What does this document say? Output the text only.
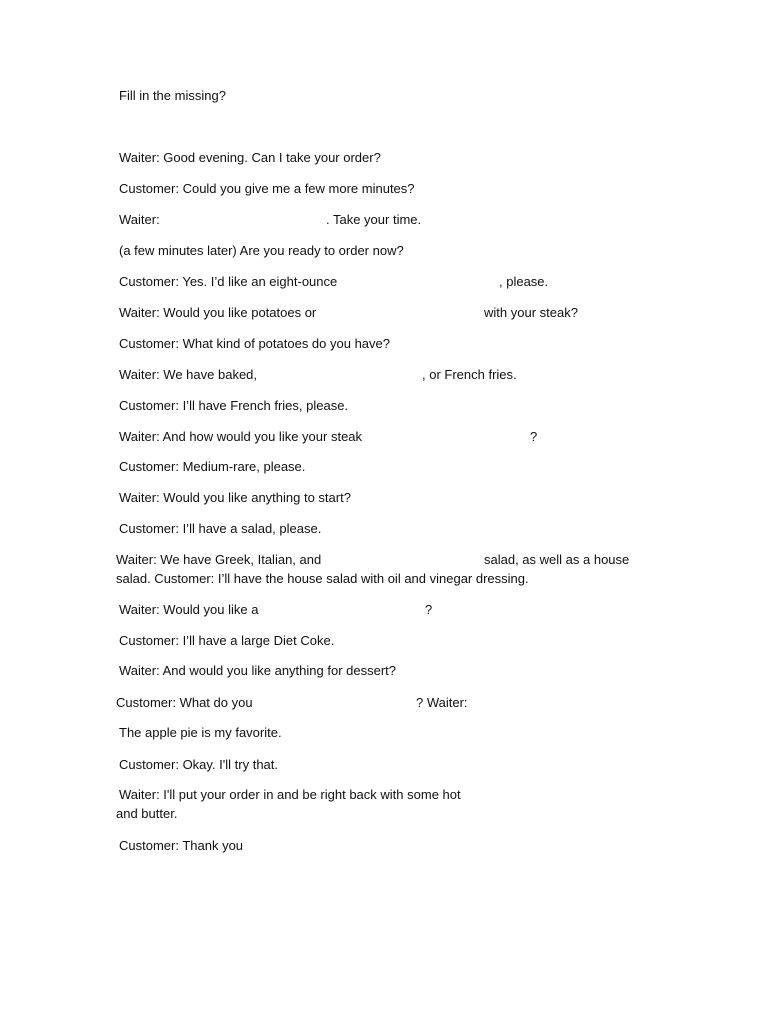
Fill in the missing?
Waiter: Good evening. Can I take your order?
Customer: Could you give me a few more minutes?
Waiter:	. Take your time.
(a few minutes later) Are you ready to order now?
Customer: Yes. I’d like an eight-ounce	, please.
Waiter: Would you like potatoes or	with your steak?
Customer: What kind of potatoes do you have?
Waiter: We have baked,	, or French fries.
Customer: I’ll have French fries, please.
Waiter: And how would you like your steak	?
Customer: Medium-rare, please.
Waiter: Would you like anything to start?
Customer: I’ll have a salad, please.
Waiter: We have Greek, Italian, and	salad, as well as a house
salad. Customer: I’ll have the house salad with oil and vinegar dressing.
Waiter: Would you like a	?
Customer: I’ll have a large Diet Coke.
Waiter: And would you like anything for dessert?
Customer: What do you	? Waiter:
The apple pie is my favorite.
Customer: Okay. I'll try that.
Waiter: I'll put your order in and be right back with some hot
and butter.
Customer: Thank you
